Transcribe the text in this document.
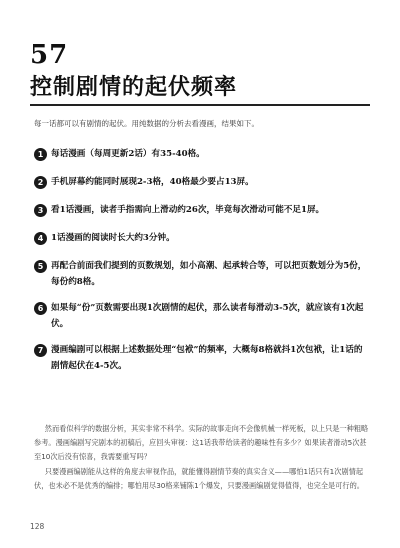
57
控制剧情的起伏频率
每一话都可以有剧情的起伏。用纯数据的分析去看漫画，结果如下。
1 每话漫画（每周更新2话）有35-40格。
2 手机屏幕约能同时展现2-3格，40格最少要占13屏。
3 看1话漫画，读者手指需向上滑动约26次，毕竟每次滑动可能不足1屏。
4 1话漫画的阅读时长大约3分钟。
5 再配合前面我们提到的页数规划，如小高潮、起承转合等，可以把页数划分为5份，每份约8格。
6 如果每“份”页数需要出现1次剧情的起伏，那么读者每滑动3-5次，就应该有1次起伏。
7 漫画编剧可以根据上述数据处理“包袱”的频率，大概每8格就抖1次包袱，让1话的剧情起伏在4-5次。

然而看似科学的数据分析，其实非常不科学。实际的故事走向不会像机械一样死板，以上只是一种粗略参考。漫画编剧写完剧本的初稿后，应回头审视：这1话我带给读者的趣味性有多少？如果读者滑动5次甚至10次后没有惊喜，我需要重写吗？

只要漫画编剧能从这样的角度去审视作品，就能懂得剧情节奏的真实含义——哪怕1话只有1次剧情起伏，也未必不是优秀的编排；哪怕用尽30格来铺陈1个爆发，只要漫画编剧觉得值得，也完全是可行的。

128
